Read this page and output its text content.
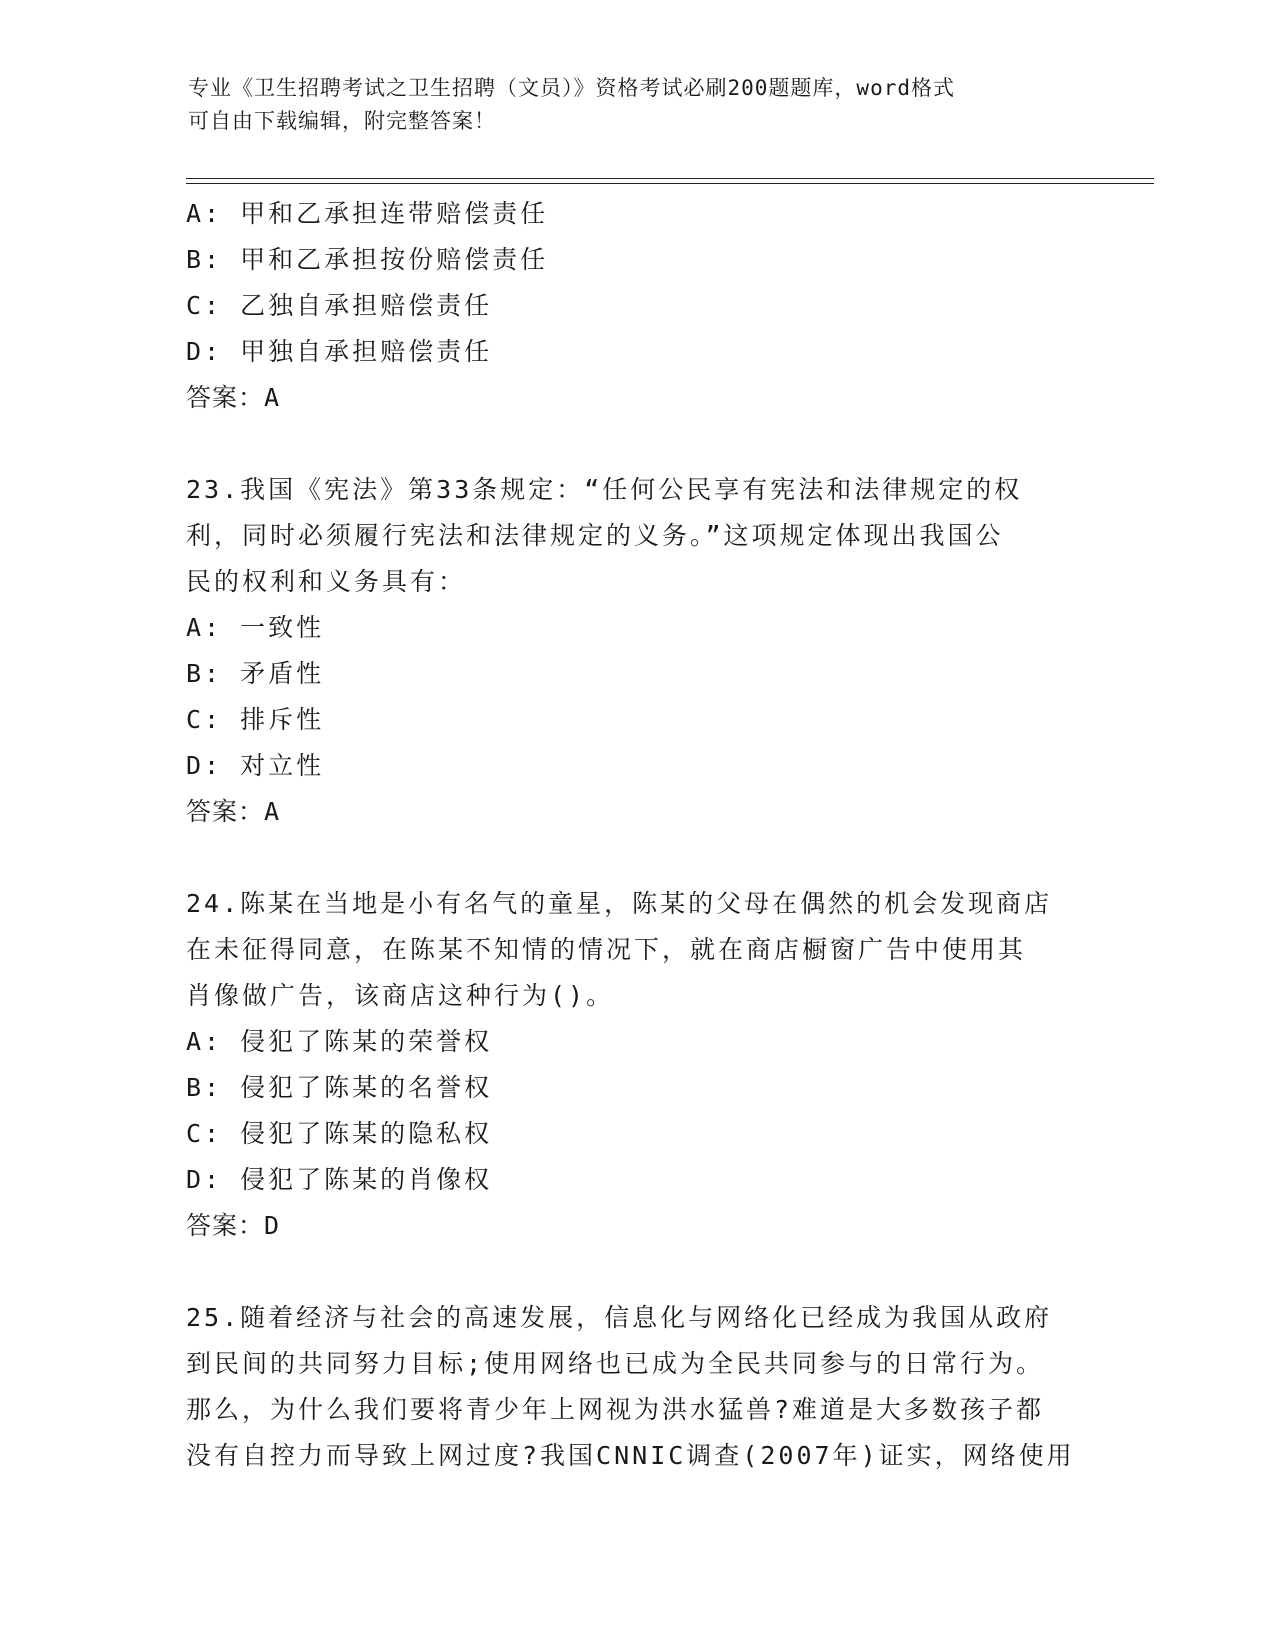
专业《卫生招聘考试之卫生招聘（文员）》资格考试必刷200题题库，word格式
可自由下载编辑，附完整答案！
A: 甲和乙承担连带赔偿责任
B: 甲和乙承担按份赔偿责任
C: 乙独自承担赔偿责任
D: 甲独自承担赔偿责任
答案：A
23.我国《宪法》第33条规定：“任何公民享有宪法和法律规定的权
利，同时必须履行宪法和法律规定的义务。”这项规定体现出我国公
民的权利和义务具有：
A: 一致性
B: 矛盾性
C: 排斥性
D: 对立性
答案：A
24.陈某在当地是小有名气的童星，陈某的父母在偶然的机会发现商店
在未征得同意，在陈某不知情的情况下，就在商店橱窗广告中使用其
肖像做广告，该商店这种行为()。
A: 侵犯了陈某的荣誉权
B: 侵犯了陈某的名誉权
C: 侵犯了陈某的隐私权
D: 侵犯了陈某的肖像权
答案：D
25.随着经济与社会的高速发展，信息化与网络化已经成为我国从政府
到民间的共同努力目标;使用网络也已成为全民共同参与的日常行为。
那么，为什么我们要将青少年上网视为洪水猛兽?难道是大多数孩子都
没有自控力而导致上网过度?我国CNNIC调查(2007年)证实，网络使用
